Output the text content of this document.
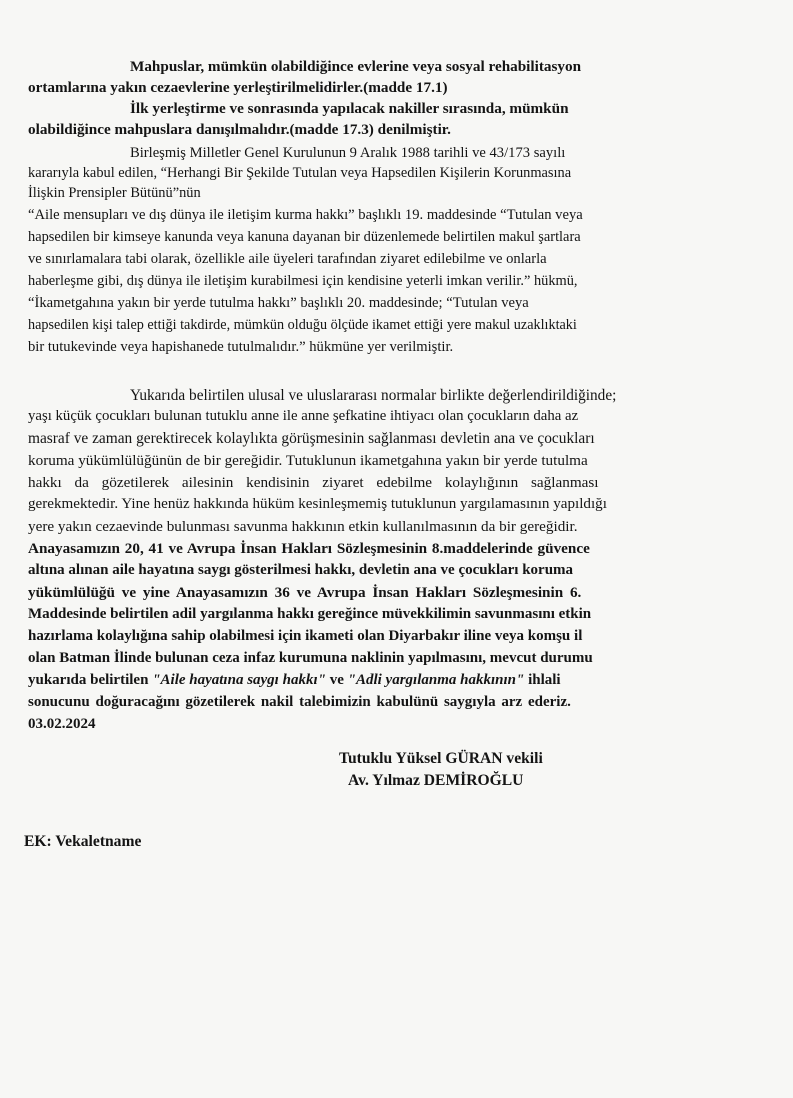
Mahpuslar, mümkün olabildiğince evlerine veya sosyal rehabilitasyon
ortamlarına yakın cezaevlerine yerleştirilmelidirler.(madde 17.1)
İlk yerleştirme ve sonrasında yapılacak nakiller sırasında, mümkün
olabildiğince mahpuslara danışılmalıdır.(madde 17.3) denilmiştir.
Birleşmiş Milletler Genel Kurulunun 9 Aralık 1988 tarihli ve 43/173 sayılı
kararıyla kabul edilen, “Herhangi Bir Şekilde Tutulan veya Hapsedilen Kişilerin Korunmasına
İlişkin Prensipler Bütünü”nün
“Aile mensupları ve dış dünya ile iletişim kurma hakkı” başlıklı 19. maddesinde “Tutulan veya
hapsedilen bir kimseye kanunda veya kanuna dayanan bir düzenlemede belirtilen makul şartlara
ve sınırlamalara tabi olarak, özellikle aile üyeleri tarafından ziyaret edilebilme ve onlarla
haberleşme gibi, dış dünya ile iletişim kurabilmesi için kendisine yeterli imkan verilir.” hükmü,
“İkametgahına yakın bir yerde tutulma hakkı” başlıklı 20. maddesinde; “Tutulan veya
hapsedilen kişi talep ettiği takdirde, mümkün olduğu ölçüde ikamet ettiği yere makul uzaklıktaki
bir tutukevinde veya hapishanede tutulmalıdır.” hükmüne yer verilmiştir.
Yukarıda belirtilen ulusal ve uluslararası normalar birlikte değerlendirildiğinde;
yaşı küçük çocukları bulunan tutuklu anne ile anne şefkatine ihtiyacı olan çocukların daha az
masraf ve zaman gerektirecek kolaylıkta görüşmesinin sağlanması devletin ana ve çocukları
koruma yükümlülüğünün de bir gereğidir. Tutuklunun ikametgahına yakın bir yerde tutulma
hakkı da gözetilerek ailesinin kendisinin ziyaret edebilme kolaylığının sağlanması
gerekmektedir. Yine henüz hakkında hüküm kesinleşmemiş tutuklunun yargılamasının yapıldığı
yere yakın cezaevinde bulunması savunma hakkının etkin kullanılmasının da bir gereğidir.
Anayasamızın 20, 41 ve Avrupa İnsan Hakları Sözleşmesinin 8.maddelerinde güvence
altına alınan aile hayatına saygı gösterilmesi hakkı, devletin ana ve çocukları koruma
yükümlülüğü ve yine Anayasamızın 36 ve Avrupa İnsan Hakları Sözleşmesinin 6.
Maddesinde belirtilen adil yargılanma hakkı gereğince müvekkilimin savunmasını etkin
hazırlama kolaylığına sahip olabilmesi için ikameti olan Diyarbakır iline veya komşu il
olan Batman İlinde bulunan ceza infaz kurumuna naklinin yapılmasını, mevcut durumu
yukarıda belirtilen "Aile hayatına saygı hakkı" ve "Adli yargılanma hakkının" ihlali
sonucunu doğuracağını gözetilerek nakil talebimizin kabulünü saygıyla arz ederiz.
03.02.2024
Tutuklu Yüksel GÜRAN vekili
Av. Yılmaz DEMİROĞLU
EK: Vekaletname
